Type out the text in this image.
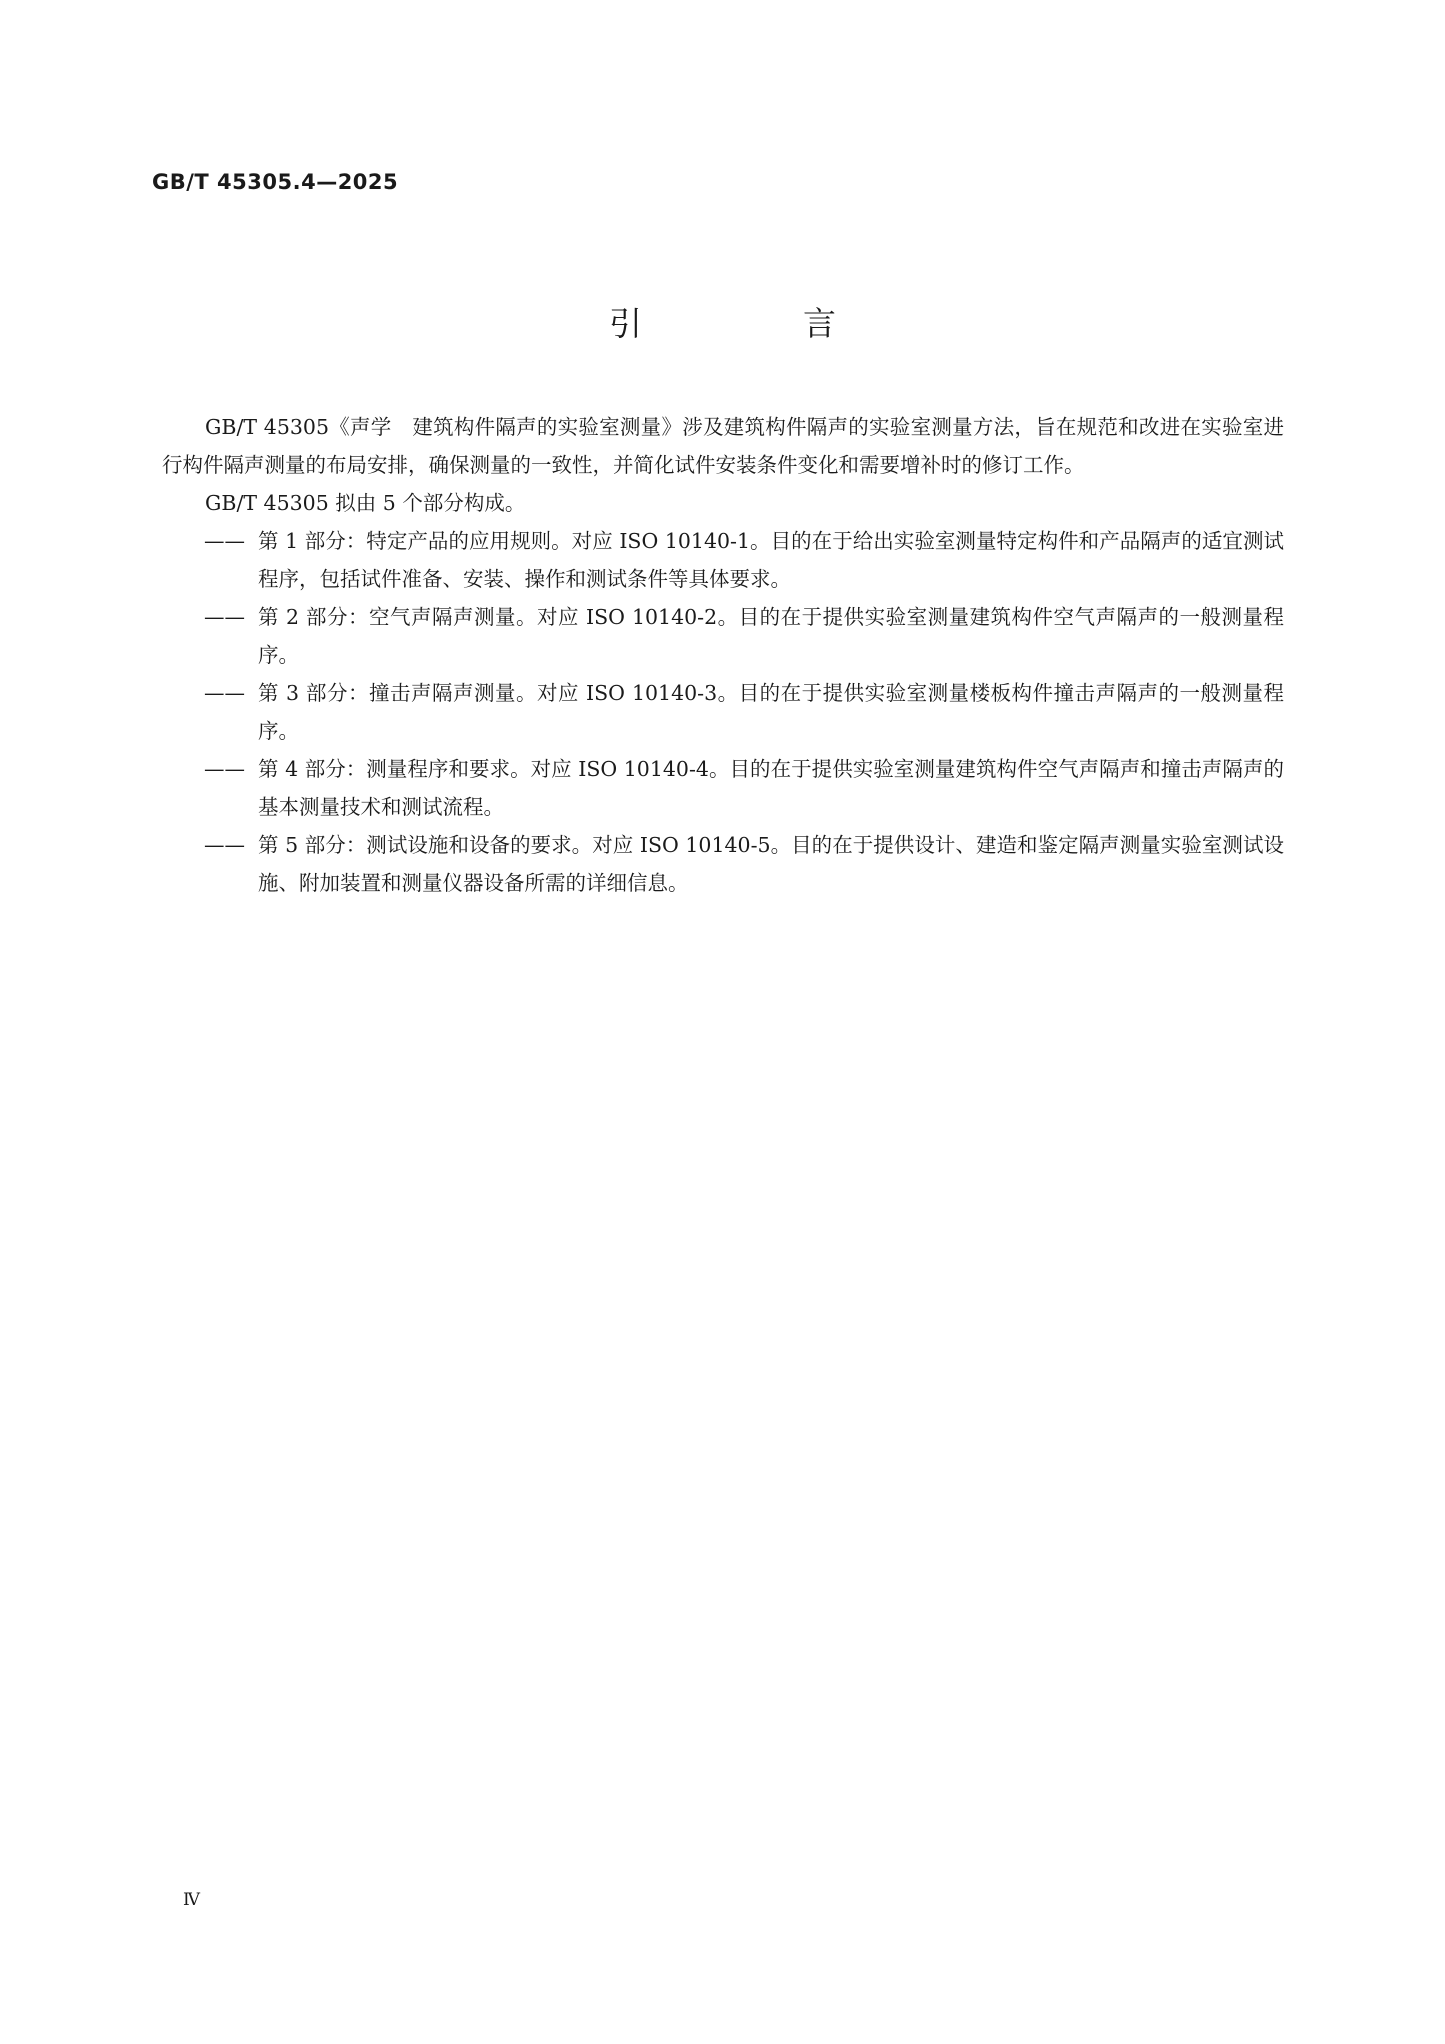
GB/T 45305.4—2025
引　言

GB/T 45305《声学　建筑构件隔声的实验室测量》涉及建筑构件隔声的实验室测量方法，旨在规范和改进在实验室进行构件隔声测量的布局安排，确保测量的一致性，并简化试件安装条件变化和需要增补时的修订工作。

GB/T 45305 拟由 5 个部分构成。

—— 第 1 部分：特定产品的应用规则。对应 ISO 10140-1。目的在于给出实验室测量特定构件和产品隔声的适宜测试程序，包括试件准备、安装、操作和测试条件等具体要求。

—— 第 2 部分：空气声隔声测量。对应 ISO 10140-2。目的在于提供实验室测量建筑构件空气声隔声的一般测量程序。

—— 第 3 部分：撞击声隔声测量。对应 ISO 10140-3。目的在于提供实验室测量楼板构件撞击声隔声的一般测量程序。

—— 第 4 部分：测量程序和要求。对应 ISO 10140-4。目的在于提供实验室测量建筑构件空气声隔声和撞击声隔声的基本测量技术和测试流程。

—— 第 5 部分：测试设施和设备的要求。对应 ISO 10140-5。目的在于提供设计、建造和鉴定隔声测量实验室测试设施、附加装置和测量仪器设备所需的详细信息。

Ⅳ
